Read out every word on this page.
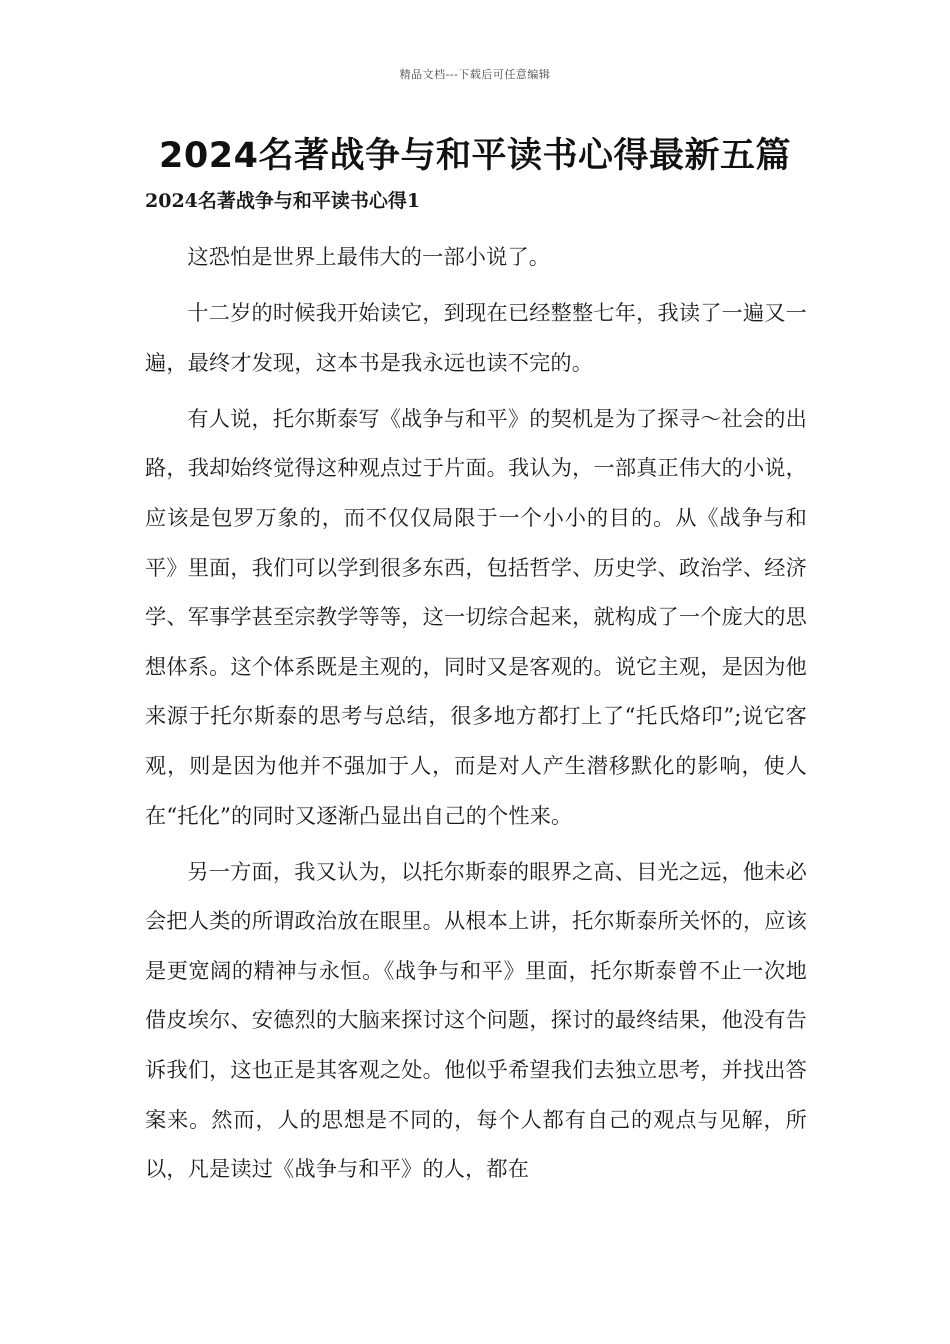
精品文档---下载后可任意编辑
2024名著战争与和平读书心得最新五篇
2024名著战争与和平读书心得1

这恐怕是世界上最伟大的一部小说了。

十二岁的时候我开始读它，到现在已经整整七年，我读了一遍又一遍，最终才发现，这本书是我永远也读不完的。

有人说，托尔斯泰写《战争与和平》的契机是为了探寻～社会的出路，我却始终觉得这种观点过于片面。我认为，一部真正伟大的小说，应该是包罗万象的，而不仅仅局限于一个小小的目的。从《战争与和平》里面，我们可以学到很多东西，包括哲学、历史学、政治学、经济学、军事学甚至宗教学等等，这一切综合起来，就构成了一个庞大的思想体系。这个体系既是主观的，同时又是客观的。说它主观，是因为他来源于托尔斯泰的思考与总结，很多地方都打上了“托氏烙印”;说它客观，则是因为他并不强加于人，而是对人产生潜移默化的影响，使人在“托化”的同时又逐渐凸显出自己的个性来。

另一方面，我又认为，以托尔斯泰的眼界之高、目光之远，他未必会把人类的所谓政治放在眼里。从根本上讲，托尔斯泰所关怀的，应该是更宽阔的精神与永恒。《战争与和平》里面，托尔斯泰曾不止一次地借皮埃尔、安德烈的大脑来探讨这个问题，探讨的最终结果，他没有告诉我们，这也正是其客观之处。他似乎希望我们去独立思考，并找出答案来。然而，人的思想是不同的，每个人都有自己的观点与见解，所以，凡是读过《战争与和平》的人，都在
